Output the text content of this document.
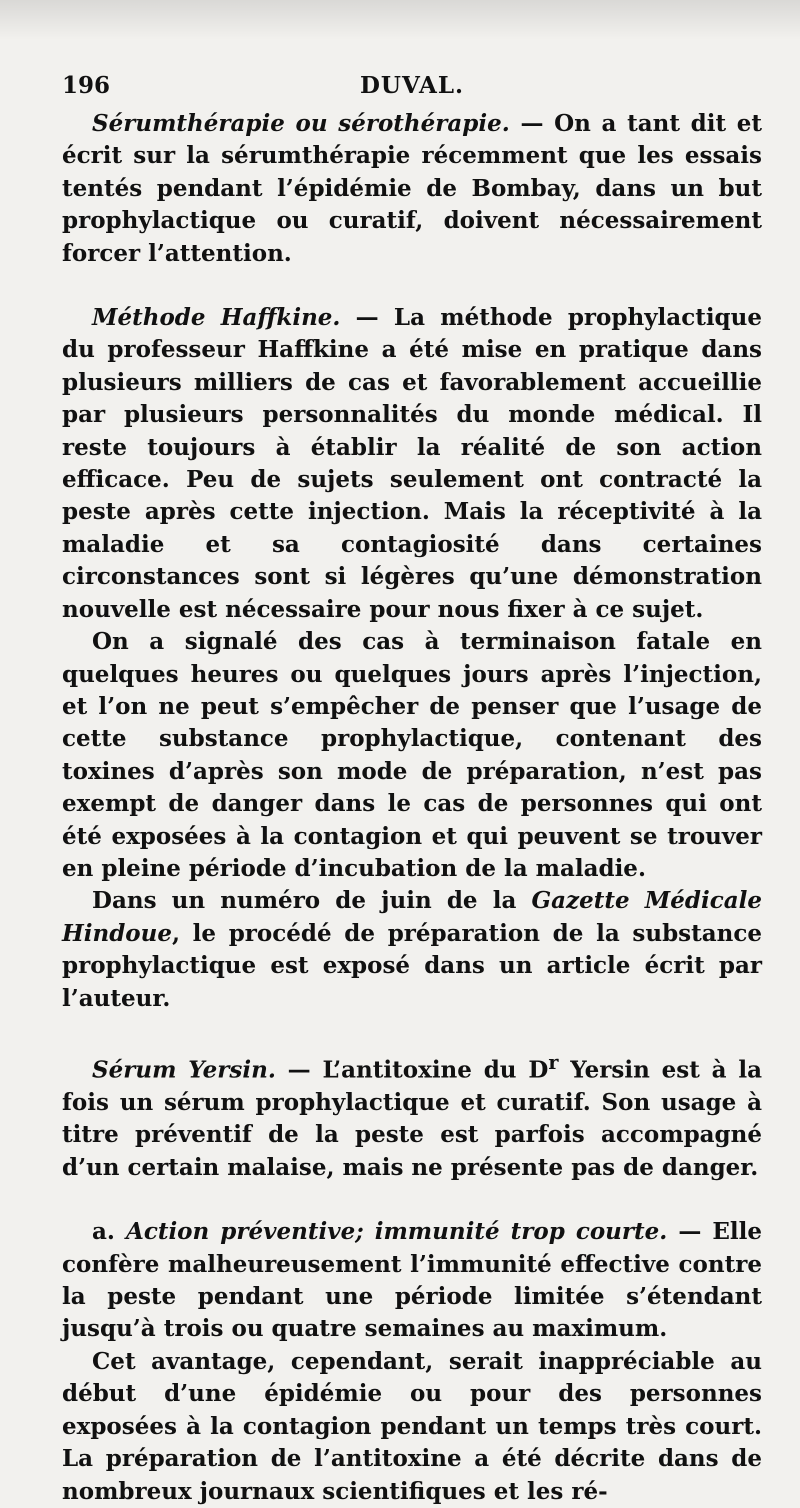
196	DUVAL.

Sérumthérapie ou sérothérapie. — On a tant dit et écrit sur la sérumthérapie récemment que les essais tentés pendant l’épidémie de Bombay, dans un but prophylactique ou curatif, doivent nécessairement forcer l’attention.

Méthode Haffkine. — La méthode prophylactique du professeur Haffkine a été mise en pratique dans plusieurs milliers de cas et favorablement accueillie par plusieurs personnalités du monde médical. Il reste toujours à établir la réalité de son action efficace. Peu de sujets seulement ont contracté la peste après cette injection. Mais la réceptivité à la maladie et sa contagiosité dans certaines circonstances sont si légères qu’une démonstration nouvelle est nécessaire pour nous fixer à ce sujet.

On a signalé des cas à terminaison fatale en quelques heures ou quelques jours après l’injection, et l’on ne peut s’empêcher de penser que l’usage de cette substance prophylactique, contenant des toxines d’après son mode de préparation, n’est pas exempt de danger dans le cas de personnes qui ont été exposées à la contagion et qui peuvent se trouver en pleine période d’incubation de la maladie.

Dans un numéro de juin de la Gazette Médicale Hindoue, le procédé de préparation de la substance prophylactique est exposé dans un article écrit par l’auteur.

Sérum Yersin. — L’antitoxine du $D^r$ Yersin est à la fois un sérum prophylactique et curatif. Son usage à titre préventif de la peste est parfois accompagné d’un certain malaise, mais ne présente pas de danger.

a. Action préventive; immunité trop courte. — Elle confère malheureusement l’immunité effective contre la peste pendant une période limitée s’étendant jusqu’à trois ou quatre semaines au maximum.

Cet avantage, cependant, serait inappréciable au début d’une épidémie ou pour des personnes exposées à la contagion pendant un temps très court. La préparation de l’antitoxine a été décrite dans de nombreux journaux scientifiques et les ré-
